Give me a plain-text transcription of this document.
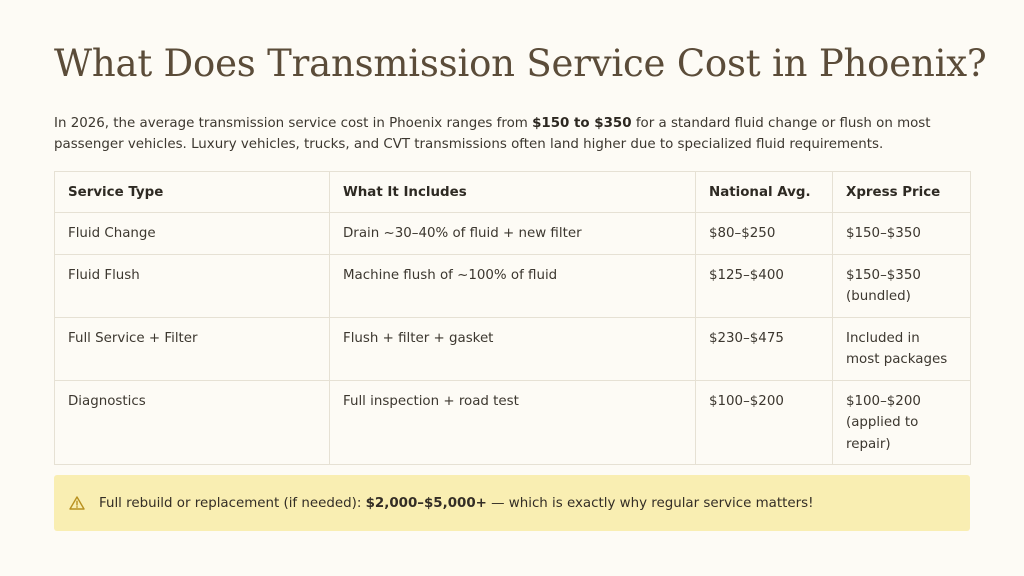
What Does Transmission Service Cost in Phoenix?

In 2026, the average transmission service cost in Phoenix ranges from $150 to $350 for a standard fluid change or flush on most passenger vehicles. Luxury vehicles, trucks, and CVT transmissions often land higher due to specialized fluid requirements.

Service Type	What It Includes	National Avg.	Xpress Price
Fluid Change	Drain ~30–40% of fluid + new filter	$80–$250	$150–$350
Fluid Flush	Machine flush of ~100% of fluid	$125–$400	$150–$350 (bundled)
Full Service + Filter	Flush + filter + gasket	$230–$475	Included in most packages
Diagnostics	Full inspection + road test	$100–$200	$100–$200 (applied to repair)
Full rebuild or replacement (if needed): $2,000–$5,000+ — which is exactly why regular service matters!
